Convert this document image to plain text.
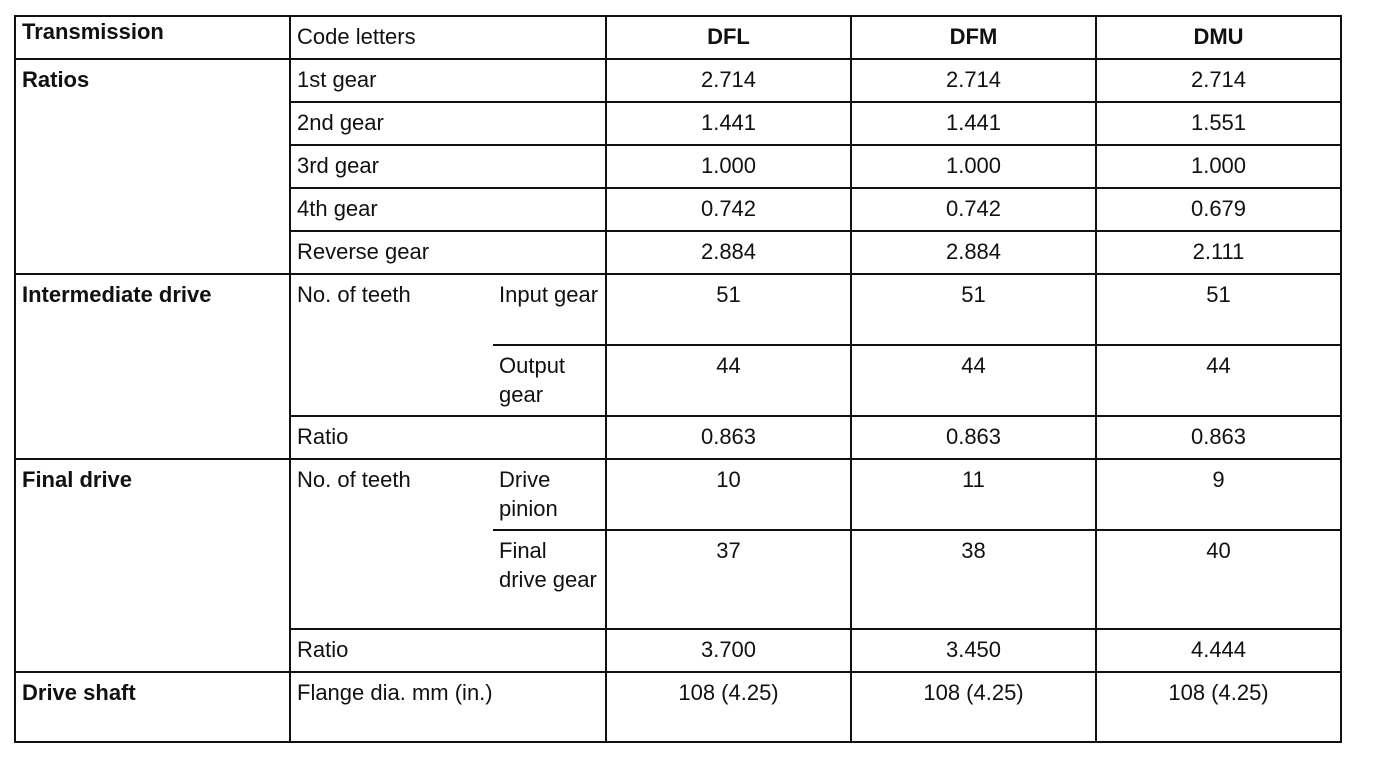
Transmission	Code letters		DFL	DFM	DMU
Ratios	1st gear		2.714	2.714	2.714
	2nd gear		1.441	1.441	1.551
	3rd gear		1.000	1.000	1.000
	4th gear		0.742	0.742	0.679
	Reverse gear		2.884	2.884	2.111
Intermediate drive	No. of teeth	Input gear	51	51	51
		Output gear	44	44	44
	Ratio		0.863	0.863	0.863
Final drive	No. of teeth	Drive pinion	10	11	9
		Final drive gear	37	38	40
	Ratio		3.700	3.450	4.444
Drive shaft	Flange dia. mm (in.)		108 (4.25)	108 (4.25)	108 (4.25)
